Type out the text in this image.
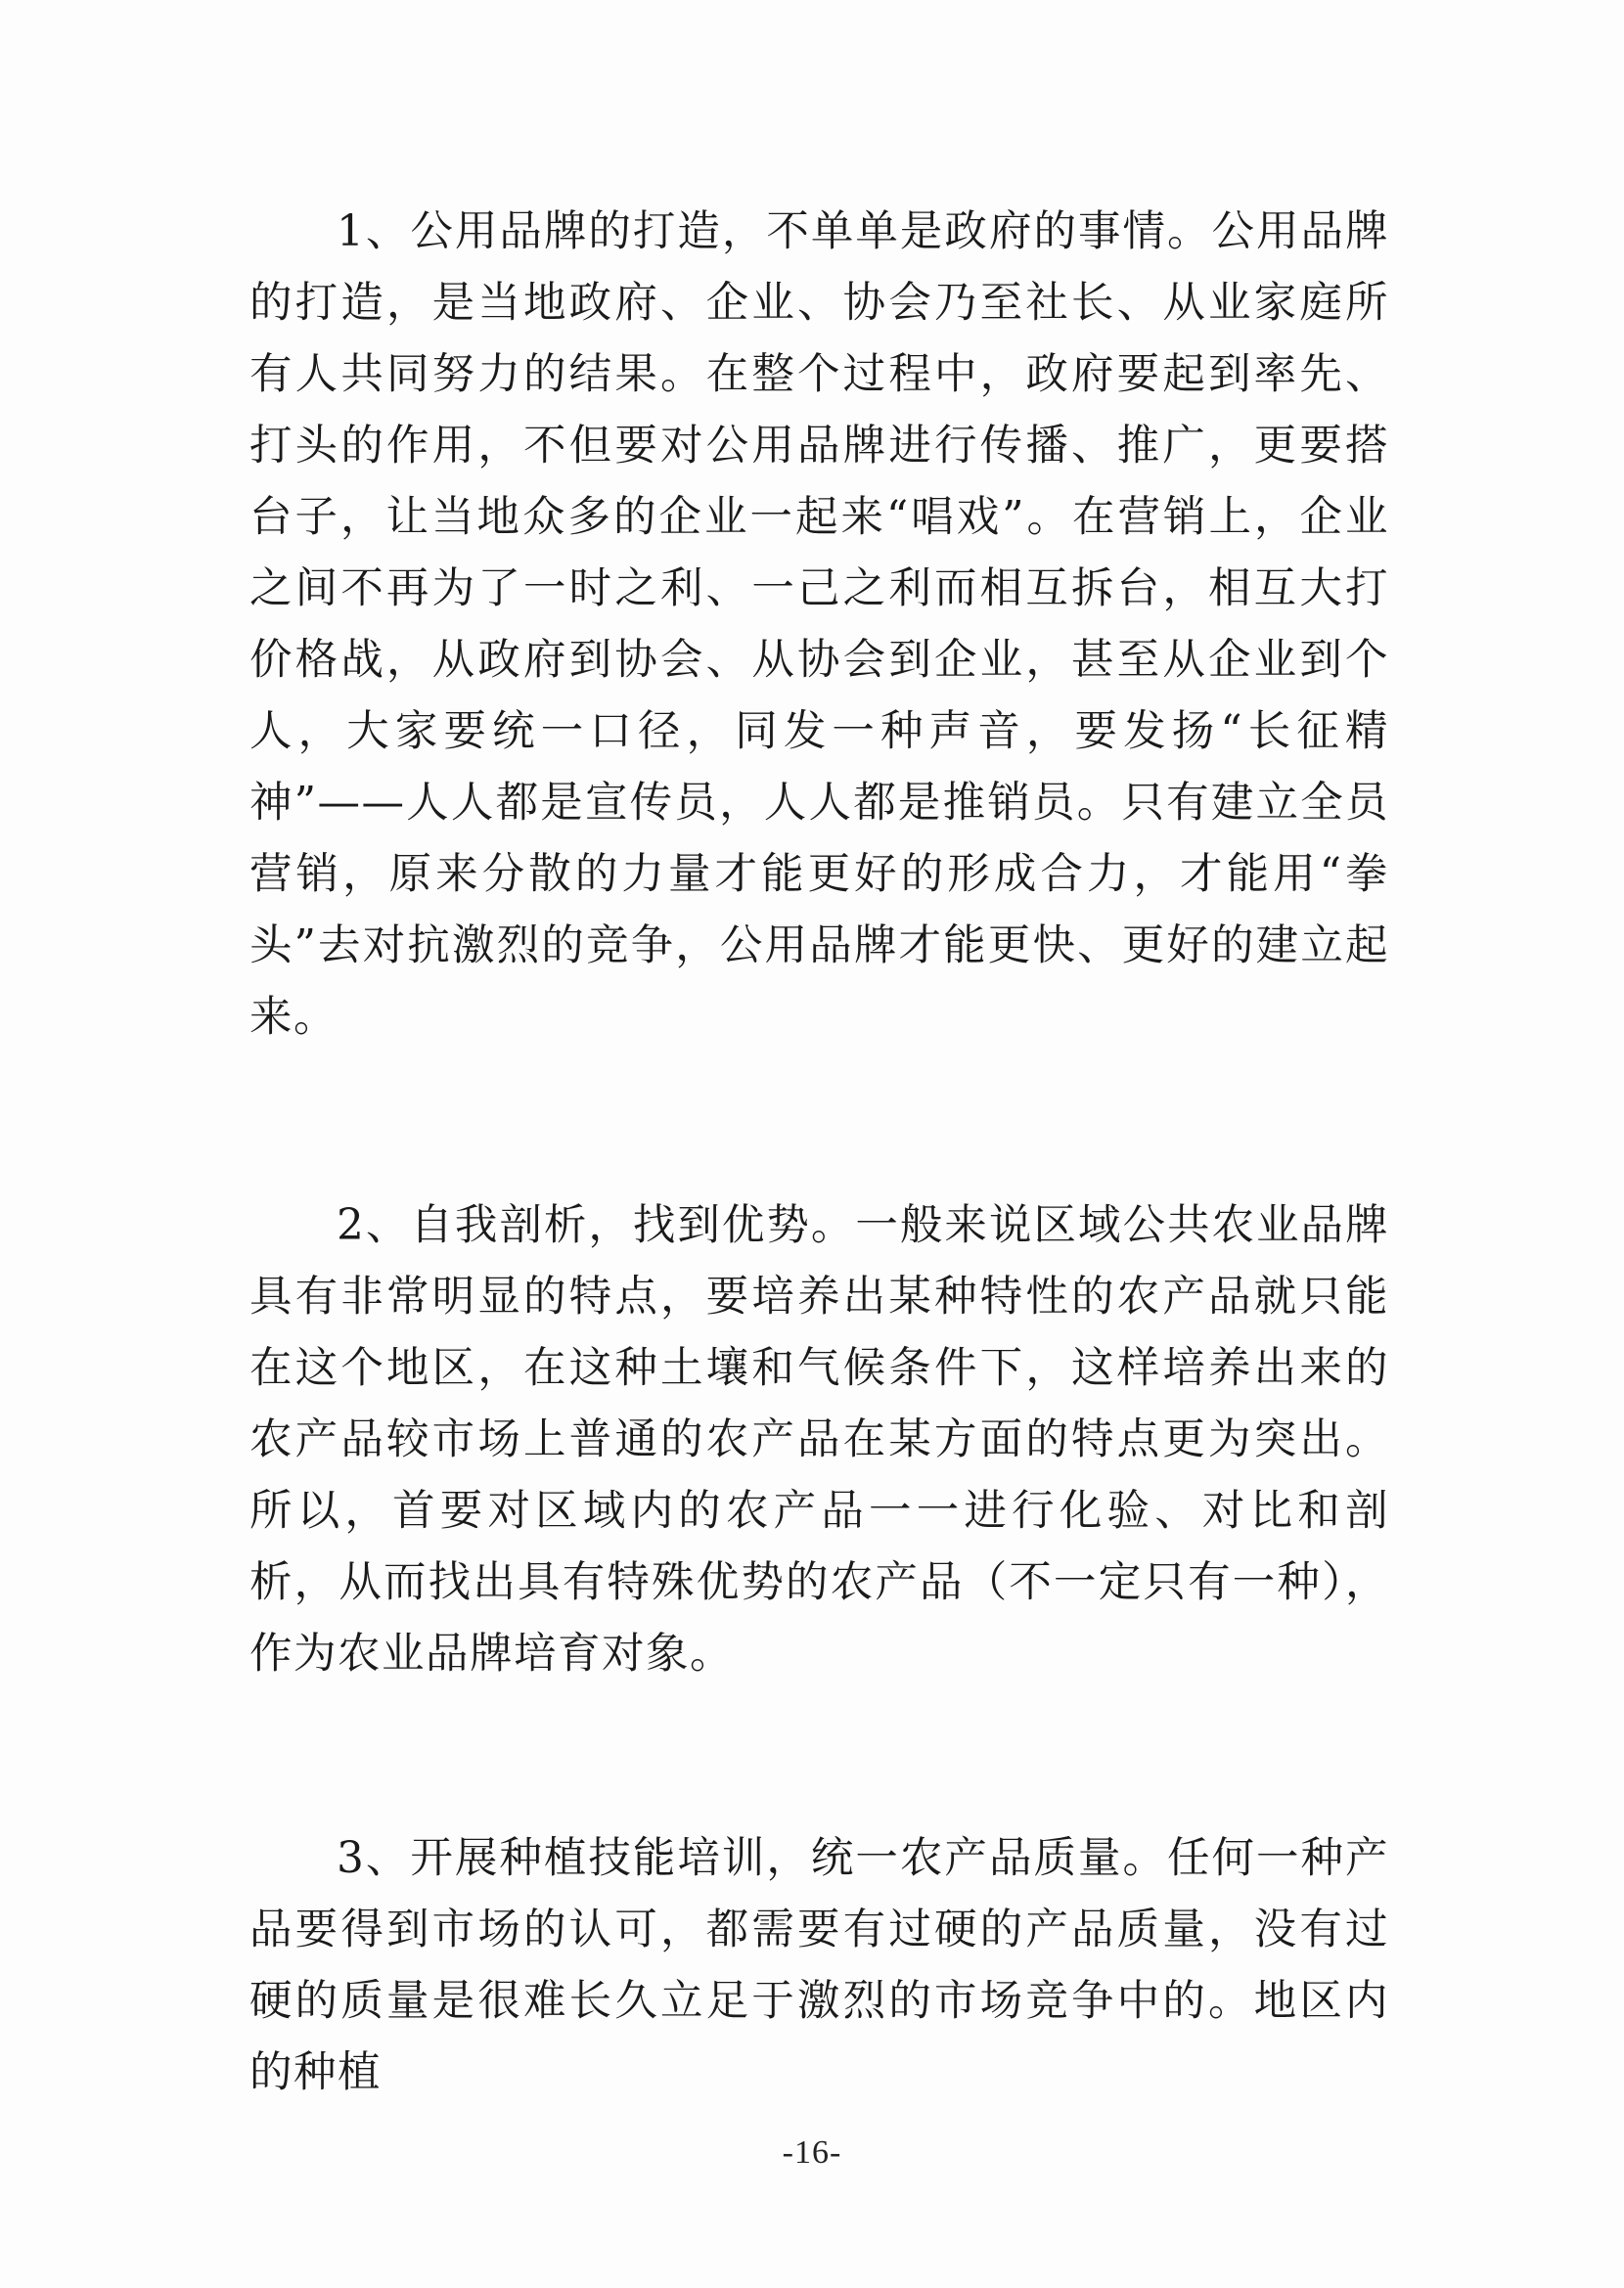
1、公用品牌的打造，不单单是政府的事情。公用品牌的打造，是当地政府、企业、协会乃至社长、从业家庭所有人共同努力的结果。在整个过程中，政府要起到率先、打头的作用，不但要对公用品牌进行传播、推广，更要搭台子，让当地众多的企业一起来“唱戏”。在营销上，企业之间不再为了一时之利、一己之利而相互拆台，相互大打价格战，从政府到协会、从协会到企业，甚至从企业到个人，大家要统一口径，同发一种声音，要发扬“长征精神”——人人都是宣传员，人人都是推销员。只有建立全员营销，原来分散的力量才能更好的形成合力，才能用“拳头”去对抗激烈的竞争，公用品牌才能更快、更好的建立起来。

2、自我剖析，找到优势。一般来说区域公共农业品牌具有非常明显的特点，要培养出某种特性的农产品就只能在这个地区，在这种土壤和气候条件下，这样培养出来的农产品较市场上普通的农产品在某方面的特点更为突出。所以，首要对区域内的农产品一一进行化验、对比和剖析，从而找出具有特殊优势的农产品（不一定只有一种），作为农业品牌培育对象。

3、开展种植技能培训，统一农产品质量。任何一种产品要得到市场的认可，都需要有过硬的产品质量，没有过硬的质量是很难长久立足于激烈的市场竞争中的。地区内的种植

-16-
